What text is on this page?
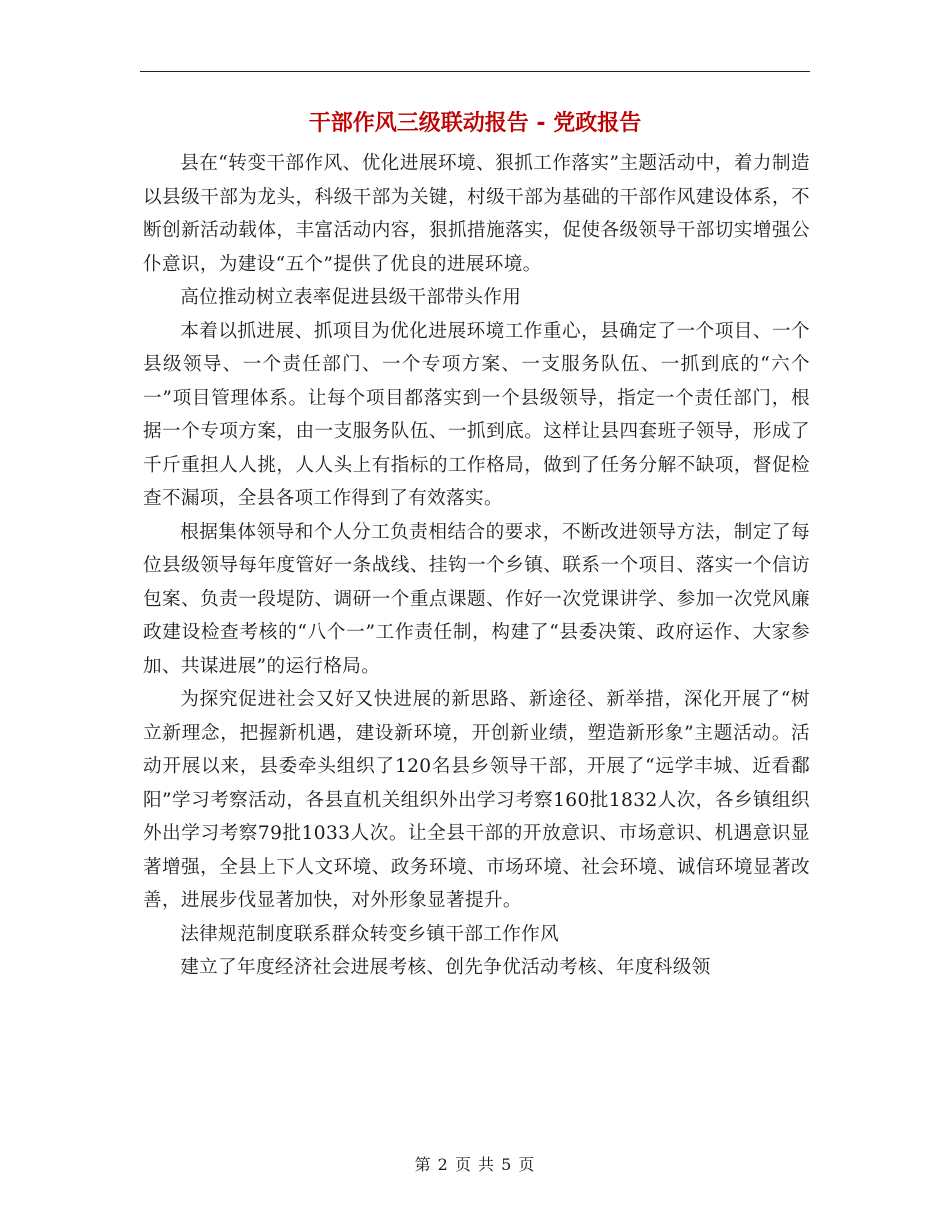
干部作风三级联动报告 - 党政报告

县在“转变干部作风、优化进展环境、狠抓工作落实”主题活动中，着力制造以县级干部为龙头，科级干部为关键，村级干部为基础的干部作风建设体系，不断创新活动载体，丰富活动内容，狠抓措施落实，促使各级领导干部切实增强公仆意识，为建设“五个”提供了优良的进展环境。

高位推动树立表率促进县级干部带头作用

本着以抓进展、抓项目为优化进展环境工作重心，县确定了一个项目、一个县级领导、一个责任部门、一个专项方案、一支服务队伍、一抓到底的“六个一”项目管理体系。让每个项目都落实到一个县级领导，指定一个责任部门，根据一个专项方案，由一支服务队伍、一抓到底。这样让县四套班子领导，形成了千斤重担人人挑，人人头上有指标的工作格局，做到了任务分解不缺项，督促检查不漏项，全县各项工作得到了有效落实。

根据集体领导和个人分工负责相结合的要求，不断改进领导方法，制定了每位县级领导每年度管好一条战线、挂钩一个乡镇、联系一个项目、落实一个信访包案、负责一段堤防、调研一个重点课题、作好一次党课讲学、参加一次党风廉政建设检查考核的“八个一”工作责任制，构建了“县委决策、政府运作、大家参加、共谋进展”的运行格局。

为探究促进社会又好又快进展的新思路、新途径、新举措，深化开展了“树立新理念，把握新机遇，建设新环境，开创新业绩，塑造新形象”主题活动。活动开展以来，县委牵头组织了120名县乡领导干部，开展了“远学丰城、近看鄱阳”学习考察活动，各县直机关组织外出学习考察160批1832人次，各乡镇组织外出学习考察79批1033人次。让全县干部的开放意识、市场意识、机遇意识显著增强，全县上下人文环境、政务环境、市场环境、社会环境、诚信环境显著改善，进展步伐显著加快，对外形象显著提升。

法律规范制度联系群众转变乡镇干部工作作风

建立了年度经济社会进展考核、创先争优活动考核、年度科级领

第 2 页 共 5 页
